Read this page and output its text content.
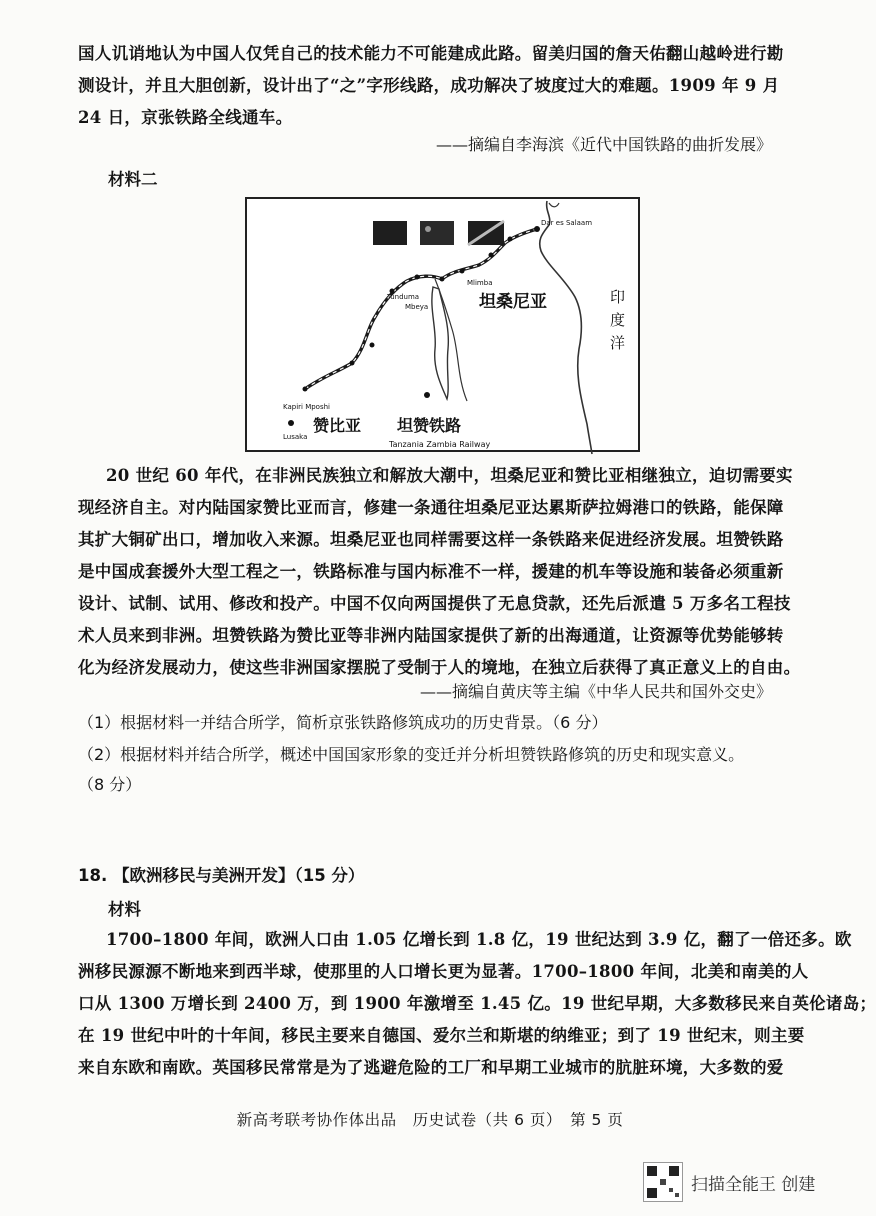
国人讥诮地认为中国人仅凭自己的技术能力不可能建成此路。留美归国的詹天佑翻山越岭进行勘
测设计，并且大胆创新，设计出了“之”字形线路，成功解决了坡度过大的难题。1909 年 9 月
24 日，京张铁路全线通车。
——摘编自李海滨《近代中国铁路的曲折发展》
材料二
Dar es Salaam
Mlimba
Tunduma
Mbeya
Kapiri Mposhi
Lusaka
坦桑尼亚
赞比亚 坦赞铁路
Tanzania Zambia Railway
印度洋
20 世纪 60 年代，在非洲民族独立和解放大潮中，坦桑尼亚和赞比亚相继独立，迫切需要实
现经济自主。对内陆国家赞比亚而言，修建一条通往坦桑尼亚达累斯萨拉姆港口的铁路，能保障
其扩大铜矿出口，增加收入来源。坦桑尼亚也同样需要这样一条铁路来促进经济发展。坦赞铁路
是中国成套援外大型工程之一，铁路标准与国内标准不一样，援建的机车等设施和装备必须重新
设计、试制、试用、修改和投产。中国不仅向两国提供了无息贷款，还先后派遣 5 万多名工程技
术人员来到非洲。坦赞铁路为赞比亚等非洲内陆国家提供了新的出海通道，让资源等优势能够转
化为经济发展动力，使这些非洲国家摆脱了受制于人的境地，在独立后获得了真正意义上的自由。
——摘编自黄庆等主编《中华人民共和国外交史》
（1）根据材料一并结合所学，简析京张铁路修筑成功的历史背景。（6 分）
（2）根据材料并结合所学，概述中国国家形象的变迁并分析坦赞铁路修筑的历史和现实意义。
（8 分）
18. 【欧洲移民与美洲开发】（15 分）
材料
1700–1800 年间，欧洲人口由 1.05 亿增长到 1.8 亿，19 世纪达到 3.9 亿，翻了一倍还多。欧
洲移民源源不断地来到西半球，使那里的人口增长更为显著。1700–1800 年间，北美和南美的人
口从 1300 万增长到 2400 万，到 1900 年激增至 1.45 亿。19 世纪早期，大多数移民来自英伦诸岛；
在 19 世纪中叶的十年间，移民主要来自德国、爱尔兰和斯堪的纳维亚；到了 19 世纪末，则主要
来自东欧和南欧。英国移民常常是为了逃避危险的工厂和早期工业城市的肮脏环境，大多数的爱
新高考联考协作体出品　历史试卷（共 6 页）　第 5 页
扫描全能王 创建
